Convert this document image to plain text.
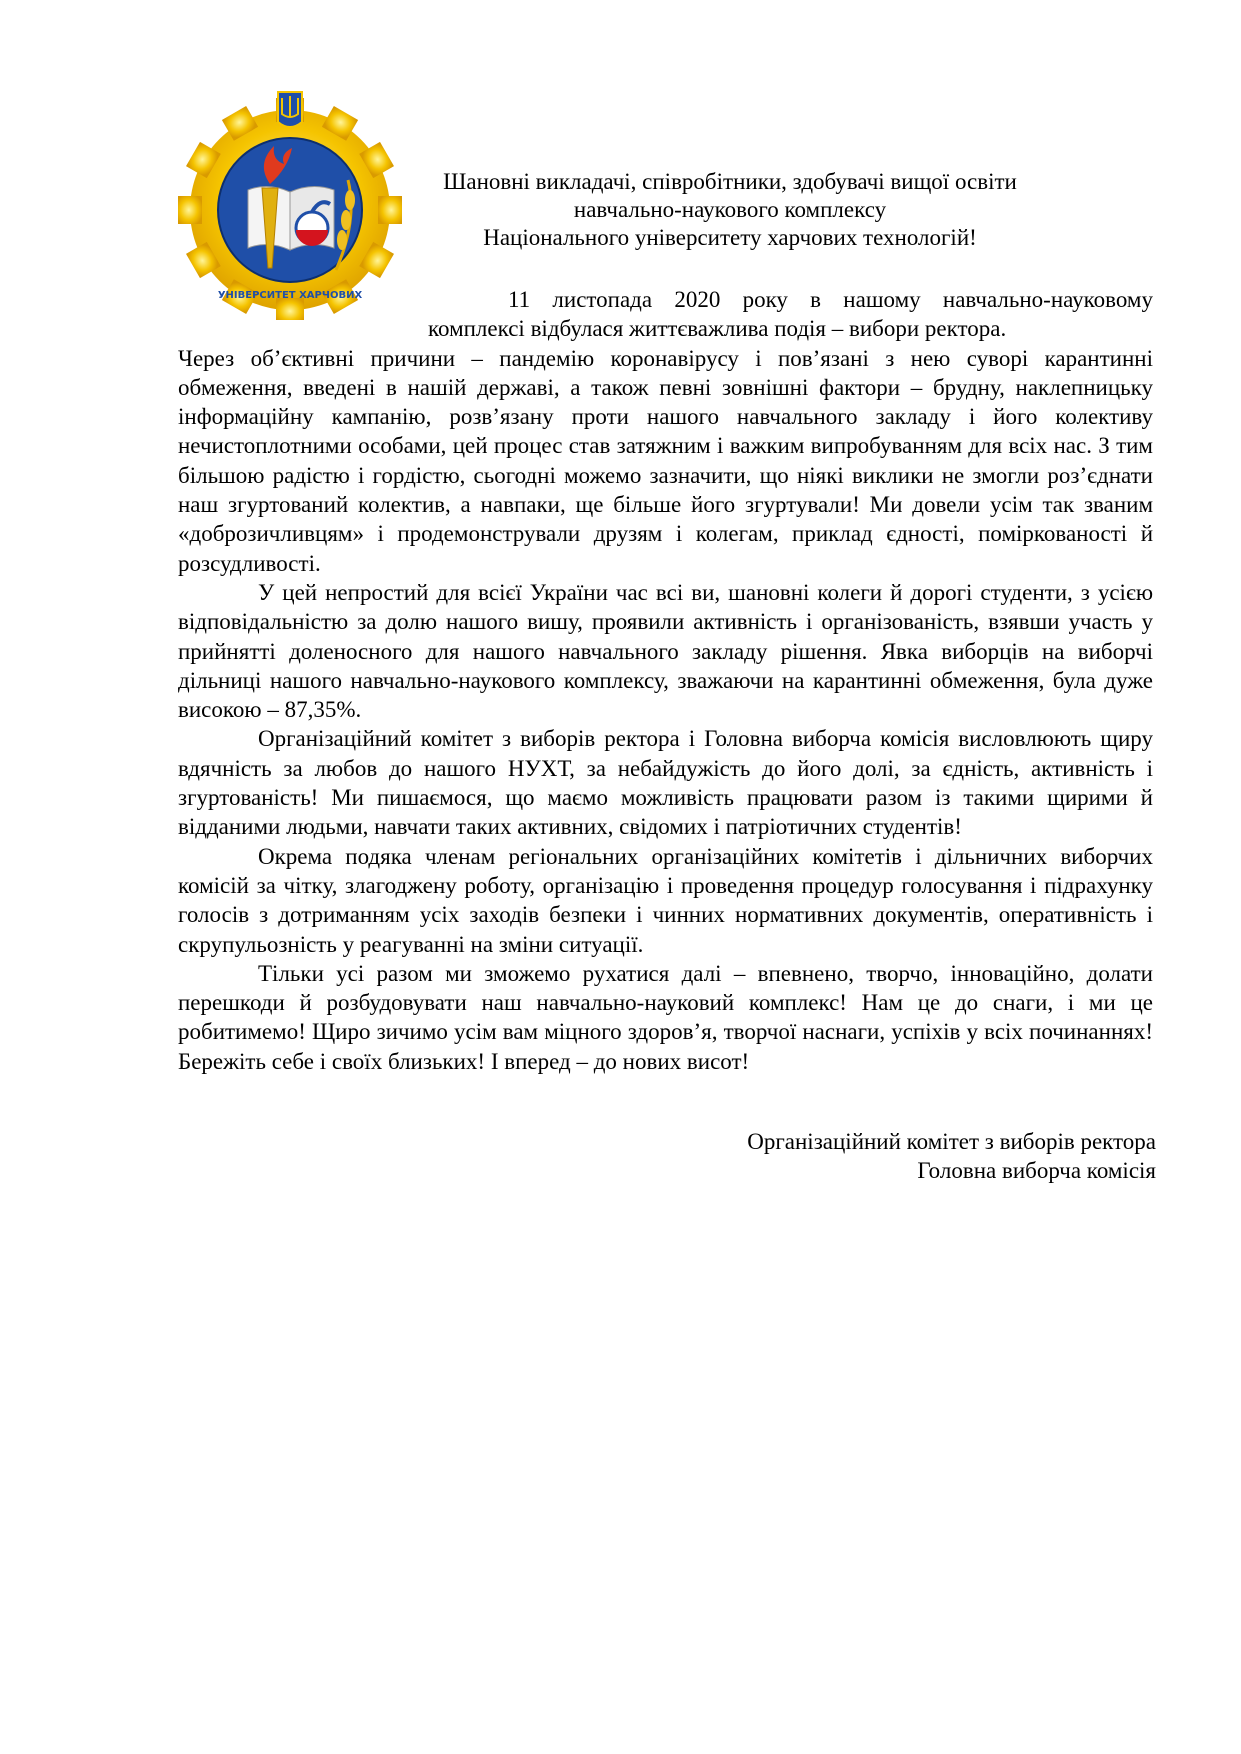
УНІВЕРСИТЕТ ХАРЧОВИХ
Шановні викладачі, співробітники, здобувачі вищої освіти
навчально-наукового комплексу
Національного університету харчових технологій!

11 листопада 2020 року в нашому навчально-науковому комплексі відбулася життєважлива подія – вибори ректора.

Через об’єктивні причини – пандемію коронавірусу і пов’язані з нею суворі карантинні обмеження, введені в нашій державі, а також певні зовнішні фактори – брудну, наклепницьку інформаційну кампанію, розв’язану проти нашого навчального закладу і його колективу нечистоплотними особами, цей процес став затяжним і важким випробуванням для всіх нас. З тим більшою радістю і гордістю, сьогодні можемо зазначити, що ніякі виклики не змогли роз’єднати наш згуртований колектив, а навпаки, ще більше його згуртували! Ми довели усім так званим «доброзичливцям» і продемонстрували друзям і колегам, приклад єдності, поміркованості й розсудливості.

У цей непростий для всієї України час всі ви, шановні колеги й дорогі студенти, з усією відповідальністю за долю нашого вишу, проявили активність і організованість, взявши участь у прийнятті доленосного для нашого навчального закладу рішення. Явка виборців на виборчі дільниці нашого навчально-наукового комплексу, зважаючи на карантинні обмеження, була дуже високою – 87,35%.

Організаційний комітет з виборів ректора і Головна виборча комісія висловлюють щиру вдячність за любов до нашого НУХТ, за небайдужість до його долі, за єдність, активність і згуртованість! Ми пишаємося, що маємо можливість працювати разом із такими щирими й відданими людьми, навчати таких активних, свідомих і патріотичних студентів!

Окрема подяка членам регіональних організаційних комітетів і дільничних виборчих комісій за чітку, злагоджену роботу, організацію і проведення процедур голосування і підрахунку голосів з дотриманням усіх заходів безпеки і чинних нормативних документів, оперативність і скрупульозність у реагуванні на зміни ситуації.

Тільки усі разом ми зможемо рухатися далі – впевнено, творчо, інноваційно, долати перешкоди й розбудовувати наш навчально-науковий комплекс! Нам це до снаги, і ми це робитимемо! Щиро зичимо усім вам міцного здоров’я, творчої наснаги, успіхів у всіх починаннях! Бережіть себе і своїх близьких! І вперед – до нових висот!

Організаційний комітет з виборів ректора
Головна виборча комісія
